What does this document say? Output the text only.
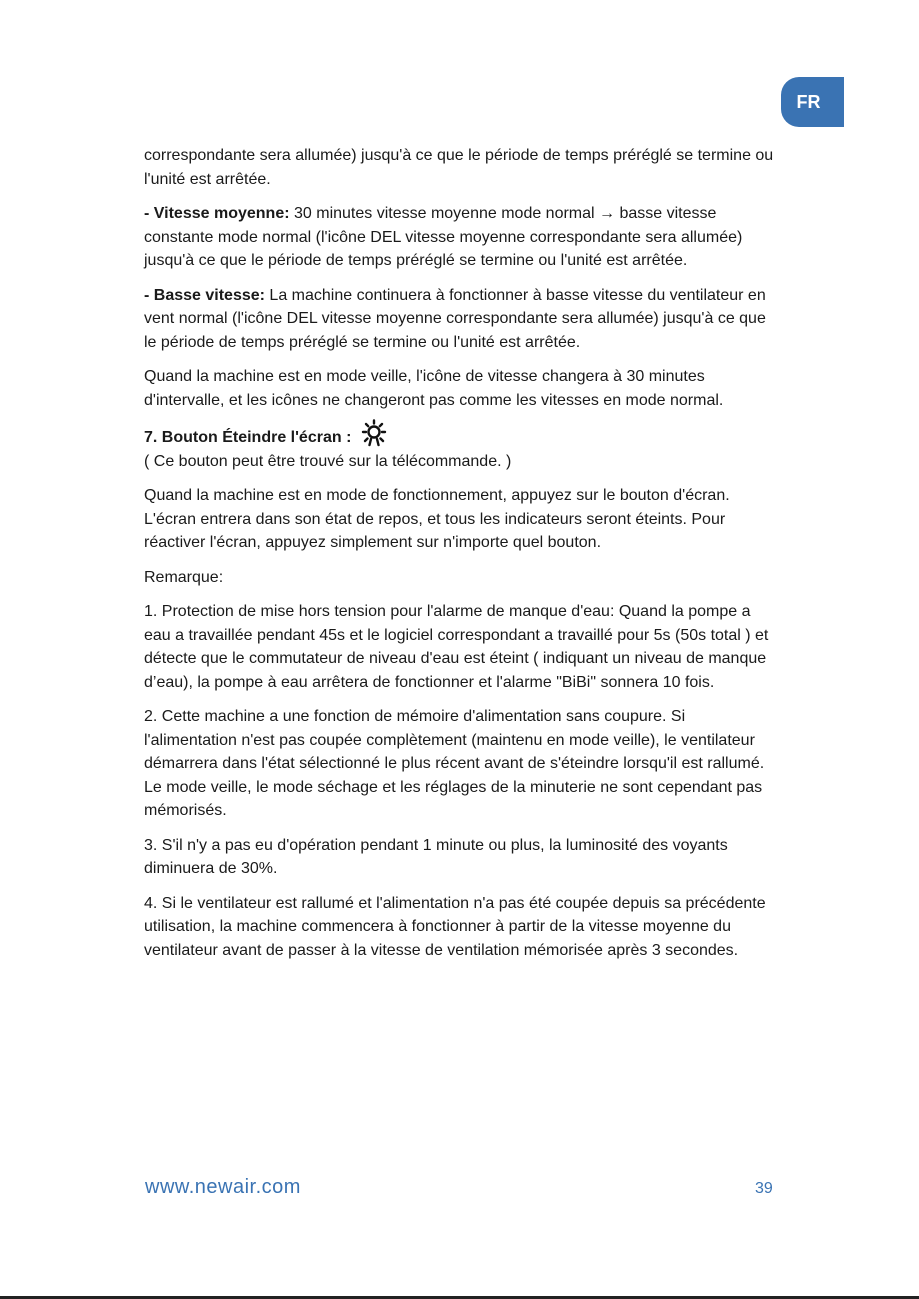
FR

correspondante sera allumée) jusqu'à ce que le période de temps préréglé se termine ou l'unité est arrêtée.

- Vitesse moyenne: 30 minutes vitesse moyenne mode normal → basse vitesse constante mode normal (l'icône DEL vitesse moyenne correspondante sera allumée) jusqu'à ce que le période de temps préréglé se termine ou l'unité est arrêtée.

- Basse vitesse: La machine continuera à fonctionner à basse vitesse du ventilateur en vent normal (l'icône DEL vitesse moyenne correspondante sera allumée) jusqu'à ce que le période de temps préréglé se termine ou l'unité est arrêtée.

Quand la machine est en mode veille, l'icône de vitesse changera à 30 minutes d'intervalle, et les icônes ne changeront pas comme les vitesses en mode normal.

7. Bouton Éteindre l'écran :

( Ce bouton peut être trouvé sur la télécommande. )

Quand la machine est en mode de fonctionnement, appuyez sur le bouton d'écran. L'écran entrera dans son état de repos, et tous les indicateurs seront éteints. Pour réactiver l'écran, appuyez simplement sur n'importe quel bouton.

Remarque:

1. Protection de mise hors tension pour l'alarme de manque d'eau: Quand la pompe a eau a travaillée pendant 45s et le logiciel correspondant a travaillé pour 5s (50s total ) et détecte que le commutateur de niveau d'eau est éteint ( indiquant un niveau de manque d’eau), la pompe à eau arrêtera de fonctionner et l'alarme "BiBi" sonnera 10 fois.

2. Cette machine a une fonction de mémoire d'alimentation sans coupure. Si l'alimentation n'est pas coupée complètement (maintenu en mode veille), le ventilateur démarrera dans l'état sélectionné le plus récent avant de s'éteindre lorsqu'il est rallumé. Le mode veille, le mode séchage et les réglages de la minuterie ne sont cependant pas mémorisés.

3. S'il n'y a pas eu d'opération pendant 1 minute ou plus, la luminosité des voyants diminuera de 30%.

4. Si le ventilateur est rallumé et l'alimentation n'a pas été coupée depuis sa précédente utilisation, la machine commencera à fonctionner à partir de la vitesse moyenne du ventilateur avant de passer à la vitesse de ventilation mémorisée après 3 secondes.

www.newair.com	39
